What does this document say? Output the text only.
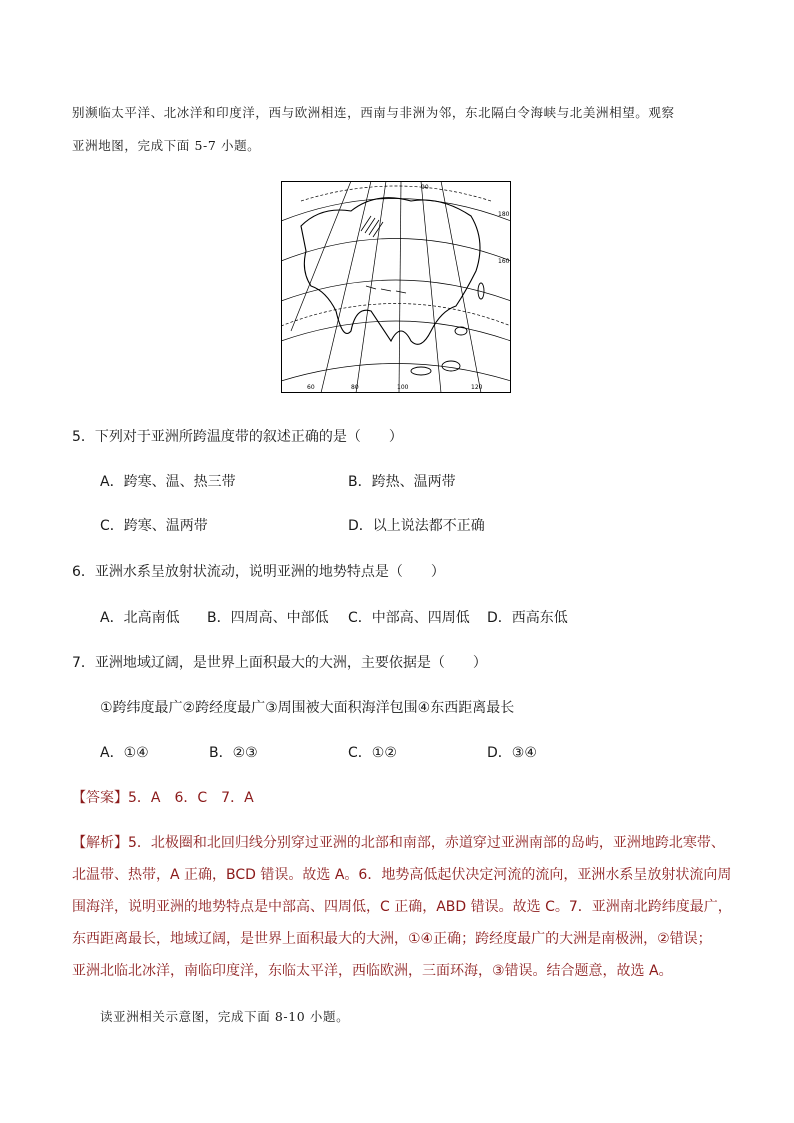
别濒临太平洋、北冰洋和印度洋，西与欧洲相连，西南与非洲为邻，东北隔白令海峡与北美洲相望。观察
亚洲地图，完成下面 5-7 小题。
60	80	100	120
160
180
90
5．下列对于亚洲所跨温度带的叙述正确的是（　　）
A．跨寒、温、热三带	B．跨热、温两带
C．跨寒、温两带	D．以上说法都不正确
6．亚洲水系呈放射状流动，说明亚洲的地势特点是（　　）
A．北高南低 B．四周高、中部低 C．中部高、四周低 D．西高东低
7．亚洲地域辽阔，是世界上面积最大的大洲，主要依据是（　　）
①跨纬度最广②跨经度最广③周围被大面积海洋包围④东西距离最长
A．①④	B．②③	C．①②	D．③④
【答案】5．A　6．C　7．A
【解析】5．北极圈和北回归线分别穿过亚洲的北部和南部，赤道穿过亚洲南部的岛屿，亚洲地跨北寒带、
北温带、热带，A 正确，BCD 错误。故选 A。6．地势高低起伏决定河流的流向，亚洲水系呈放射状流向周
围海洋，说明亚洲的地势特点是中部高、四周低，C 正确，ABD 错误。故选 C。7．亚洲南北跨纬度最广，
东西距离最长，地域辽阔，是世界上面积最大的大洲，①④正确；跨经度最广的大洲是南极洲，②错误；
亚洲北临北冰洋，南临印度洋，东临太平洋，西临欧洲，三面环海，③错误。结合题意，故选 A。
读亚洲相关示意图，完成下面 8-10 小题。
